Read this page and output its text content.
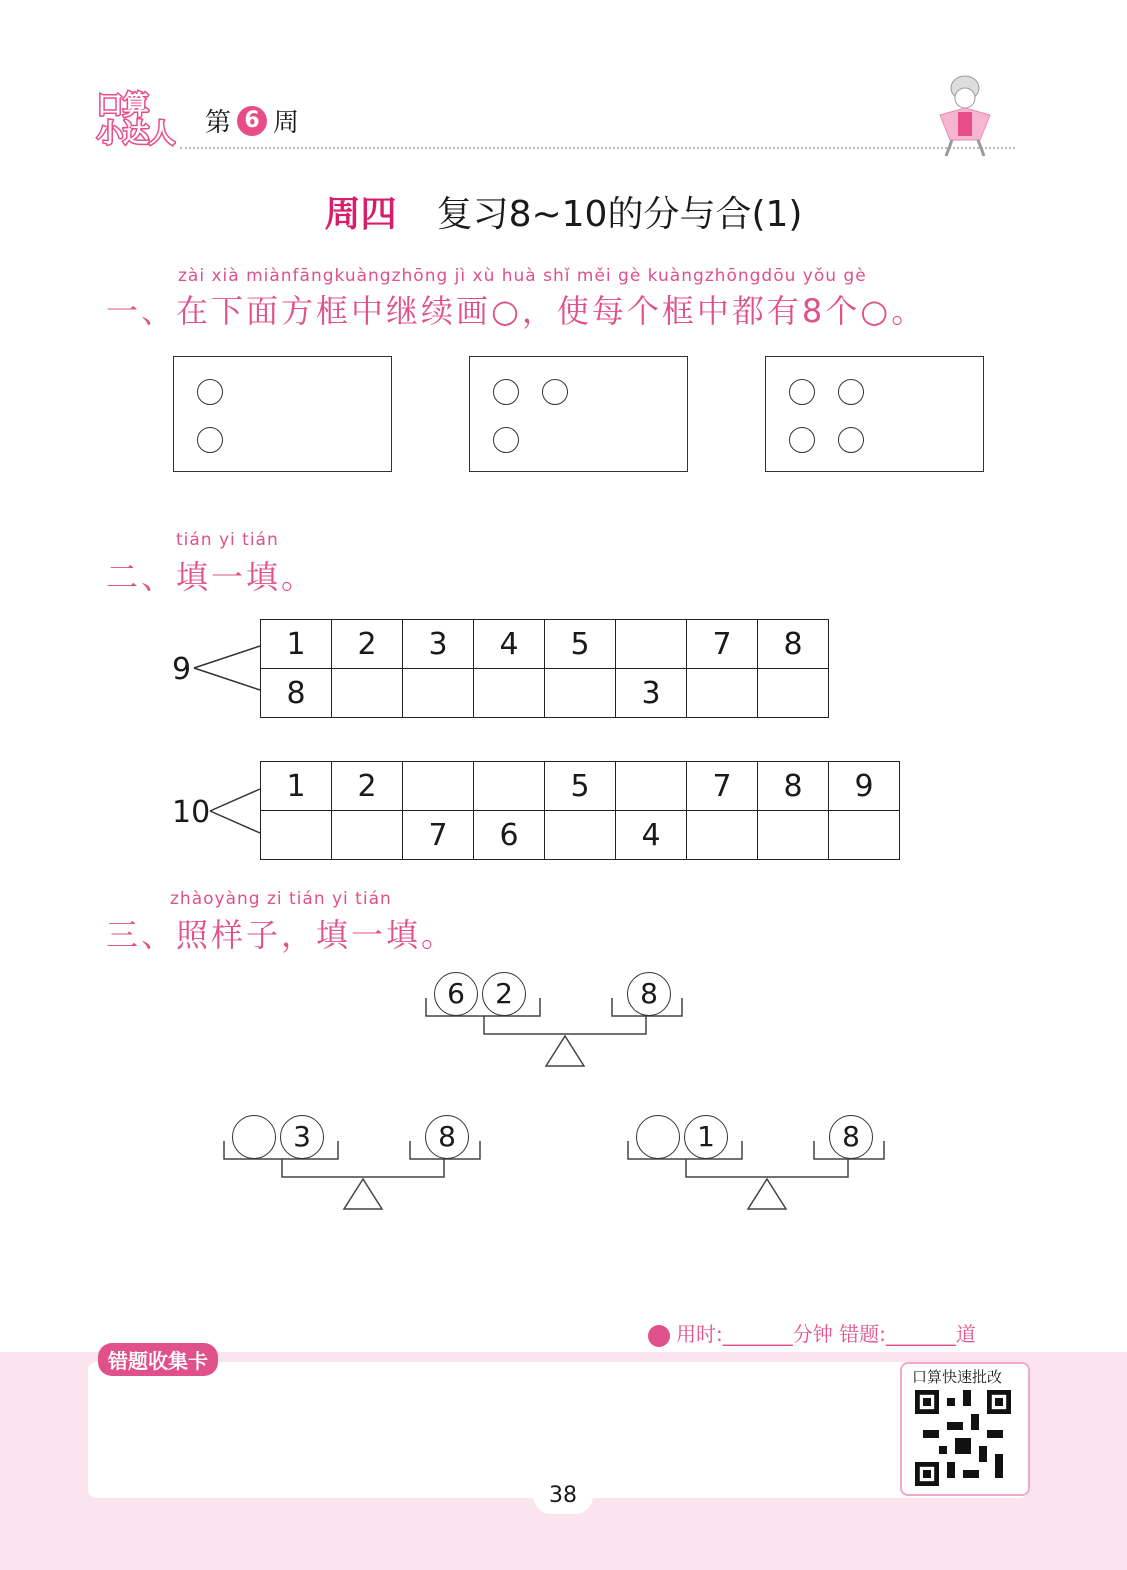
口算
小达人 第 6 周
周四 复习8~10的分与合(1)
zài xià miànfāngkuàngzhōng jì xù huà shǐ měi gè kuàngzhōngdōu yǒu gè
一、在下面方框中继续画○，使每个框中都有8个○。
tián yi tián
二、填一填。
9
1	2	3	4	5		7	8
8					3		
10
1	2			5		7	8	9
		7	6		4			
zhàoyàng zi tián yi tián
三、照样子，填一填。
6	2	8
3	8	1	8
用时:_______分钟 错题:_______道
错题收集卡
口算快速批改
38
